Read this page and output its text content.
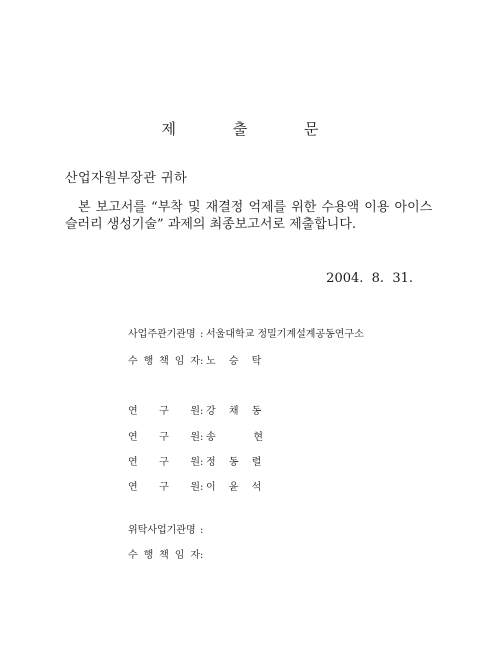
제 출 문
산업자원부장관 귀하
본 보고서를 “부착 및 재결정 억제를 위한 수용액 이용 아이스
슬러리 생성기술” 과제의 최종보고서로 제출합니다.
2004.  8.  31.
사업주관기관명 : 서울대학교 정밀기계설계공동연구소
수 행 책 임 자 : 노 승 탁
연 구 원 : 강 채 동
연 구 원 : 송    현
연 구 원 : 정 동 렬
연 구 원 : 이 윤 석
위탁사업기관명 :
수 행 책 임 자 :
